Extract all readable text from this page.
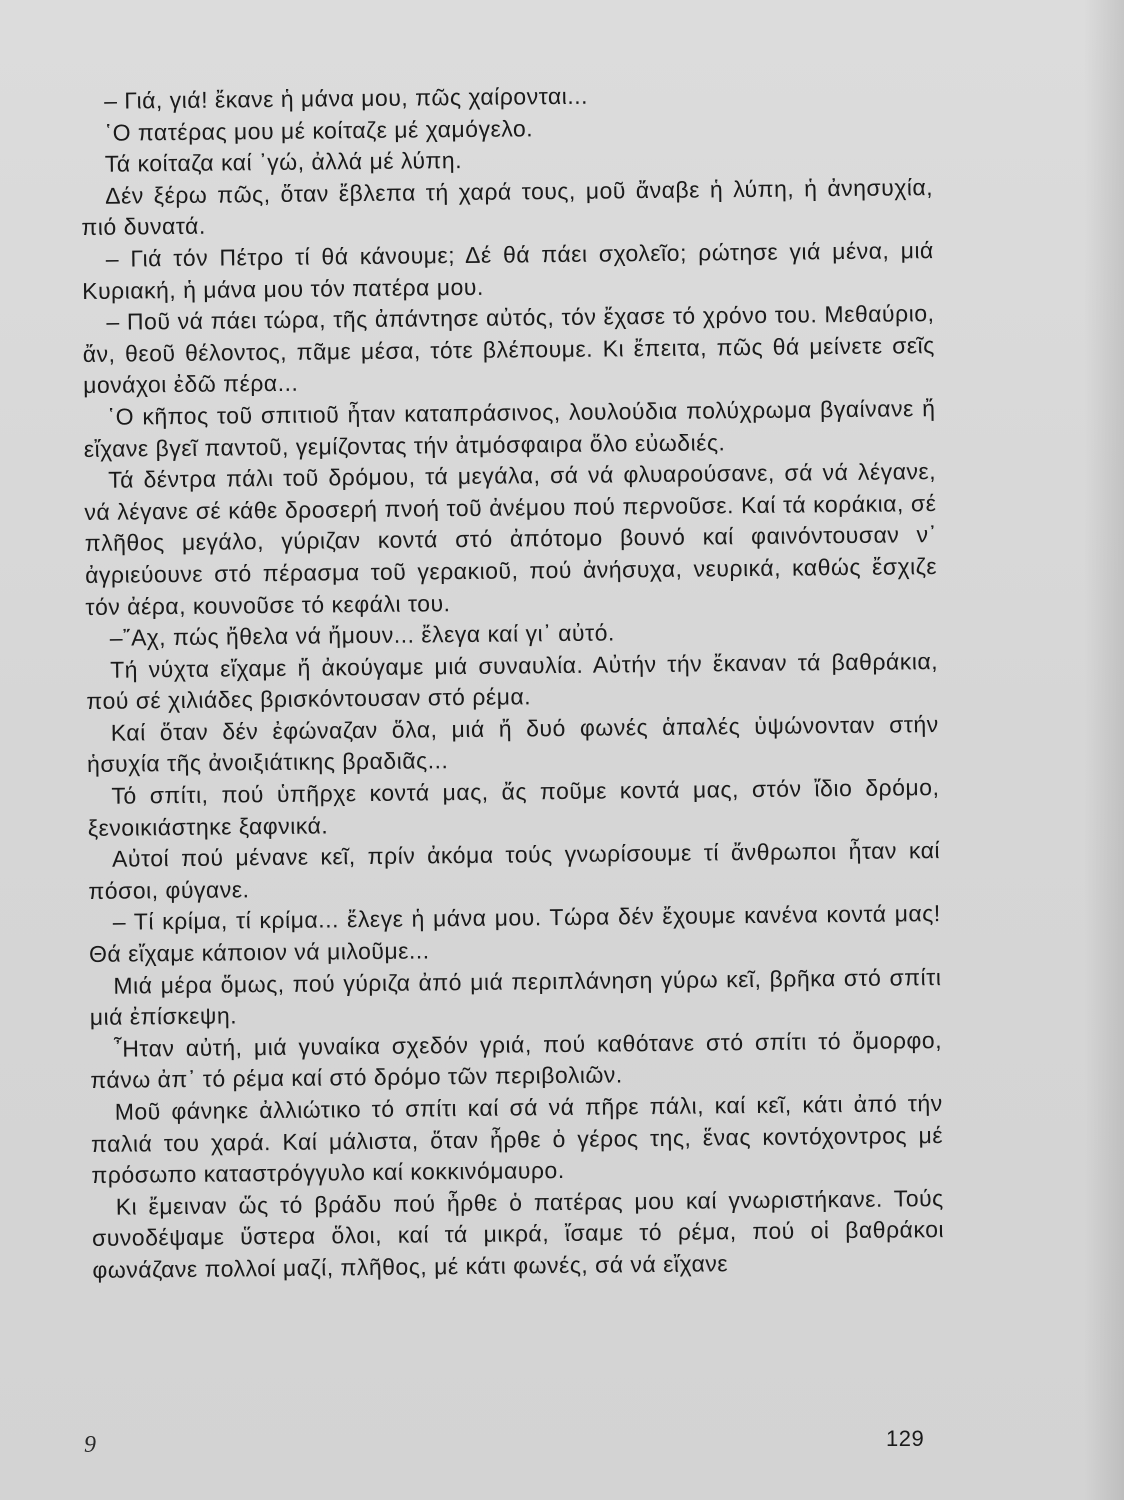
– Γιά, γιά! ἔκανε ἡ μάνα μου, πῶς χαίρονται...

῾Ο πατέρας μου μέ κοίταζε μέ χαμόγελο.

Τά κοίταζα καί ᾿γώ, ἀλλά μέ λύπη.

Δέν ξέρω πῶς, ὅταν ἔβλεπα τή χαρά τους, μοῦ ἄναβε ἡ λύπη, ἡ ἀνησυχία, πιό δυνατά.

– Γιά τόν Πέτρο τί θά κάνουμε; Δέ θά πάει σχολεῖο; ρώτησε γιά μένα, μιά Κυριακή, ἡ μάνα μου τόν πατέρα μου.

– Ποῦ νά πάει τώρα, τῆς ἀπάντησε αὐτός, τόν ἔχασε τό χρόνο του. Μεθαύριο, ἄν, θεοῦ θέλοντος, πᾶμε μέσα, τότε βλέπουμε. Κι ἔπειτα, πῶς θά μείνετε σεῖς μονάχοι ἐδῶ πέρα...

῾Ο κῆπος τοῦ σπιτιοῦ ἦταν καταπράσινος, λουλούδια πολύχρωμα βγαίνανε ἤ εἴχανε βγεῖ παντοῦ, γεμίζοντας τήν ἀτμόσφαιρα ὅλο εὐωδιές.

Τά δέντρα πάλι τοῦ δρόμου, τά μεγάλα, σά νά φλυαρούσανε, σά νά λέγανε, νά λέγανε σέ κάθε δροσερή πνοή τοῦ ἀνέμου πού περνοῦσε. Καί τά κοράκια, σέ πλῆθος μεγάλο, γύριζαν κοντά στό ἀπότομο βουνό καί φαινόντουσαν ν᾿ ἀγριεύουνε στό πέρασμα τοῦ γερακιοῦ, πού ἀνήσυχα, νευρικά, καθώς ἔσχιζε τόν ἀέρα, κουνοῦσε τό κεφάλι του.

–῎Αχ, πώς ἤθελα νά ἤμουν... ἔλεγα καί γι᾿ αὐτό.

Τή νύχτα εἴχαμε ἤ ἀκούγαμε μιά συναυλία. Αὐτήν τήν ἔκαναν τά βαθράκια, πού σέ χιλιάδες βρισκόντουσαν στό ρέμα.

Καί ὅταν δέν ἐφώναζαν ὅλα, μιά ἤ δυό φωνές ἁπαλές ὑψώνονταν στήν ἡσυχία τῆς ἀνοιξιάτικης βραδιᾶς...

Τό σπίτι, πού ὑπῆρχε κοντά μας, ἄς ποῦμε κοντά μας, στόν ἴδιο δρόμο, ξενοικιάστηκε ξαφνικά.

Αὐτοί πού μένανε κεῖ, πρίν ἀκόμα τούς γνωρίσουμε τί ἄνθρωποι ἦταν καί πόσοι, φύγανε.

– Τί κρίμα, τί κρίμα... ἔλεγε ἡ μάνα μου. Τώρα δέν ἔχουμε κανένα κοντά μας! Θά εἴχαμε κάποιον νά μιλοῦμε...

Μιά μέρα ὅμως, πού γύριζα ἀπό μιά περιπλάνηση γύρω κεῖ, βρῆκα στό σπίτι μιά ἐπίσκεψη.

῏Ηταν αὐτή, μιά γυναίκα σχεδόν γριά, πού καθότανε στό σπίτι τό ὄμορφο, πάνω ἀπ᾿ τό ρέμα καί στό δρόμο τῶν περιβολιῶν.

Μοῦ φάνηκε ἀλλιώτικο τό σπίτι καί σά νά πῆρε πάλι, καί κεῖ, κάτι ἀπό τήν παλιά του χαρά. Καί μάλιστα, ὅταν ἦρθε ὁ γέρος της, ἕνας κοντόχοντρος μέ πρόσωπο καταστρόγγυλο καί κοκκινόμαυρο.

Κι ἔμειναν ὥς τό βράδυ πού ἦρθε ὁ πατέρας μου καί γνωριστήκανε. Τούς συνοδέψαμε ὕστερα ὅλοι, καί τά μικρά, ἴσαμε τό ρέμα, πού οἱ βαθράκοι φωνάζανε πολλοί μαζί, πλῆθος, μέ κάτι φωνές, σά νά εἴχανε

9	129
